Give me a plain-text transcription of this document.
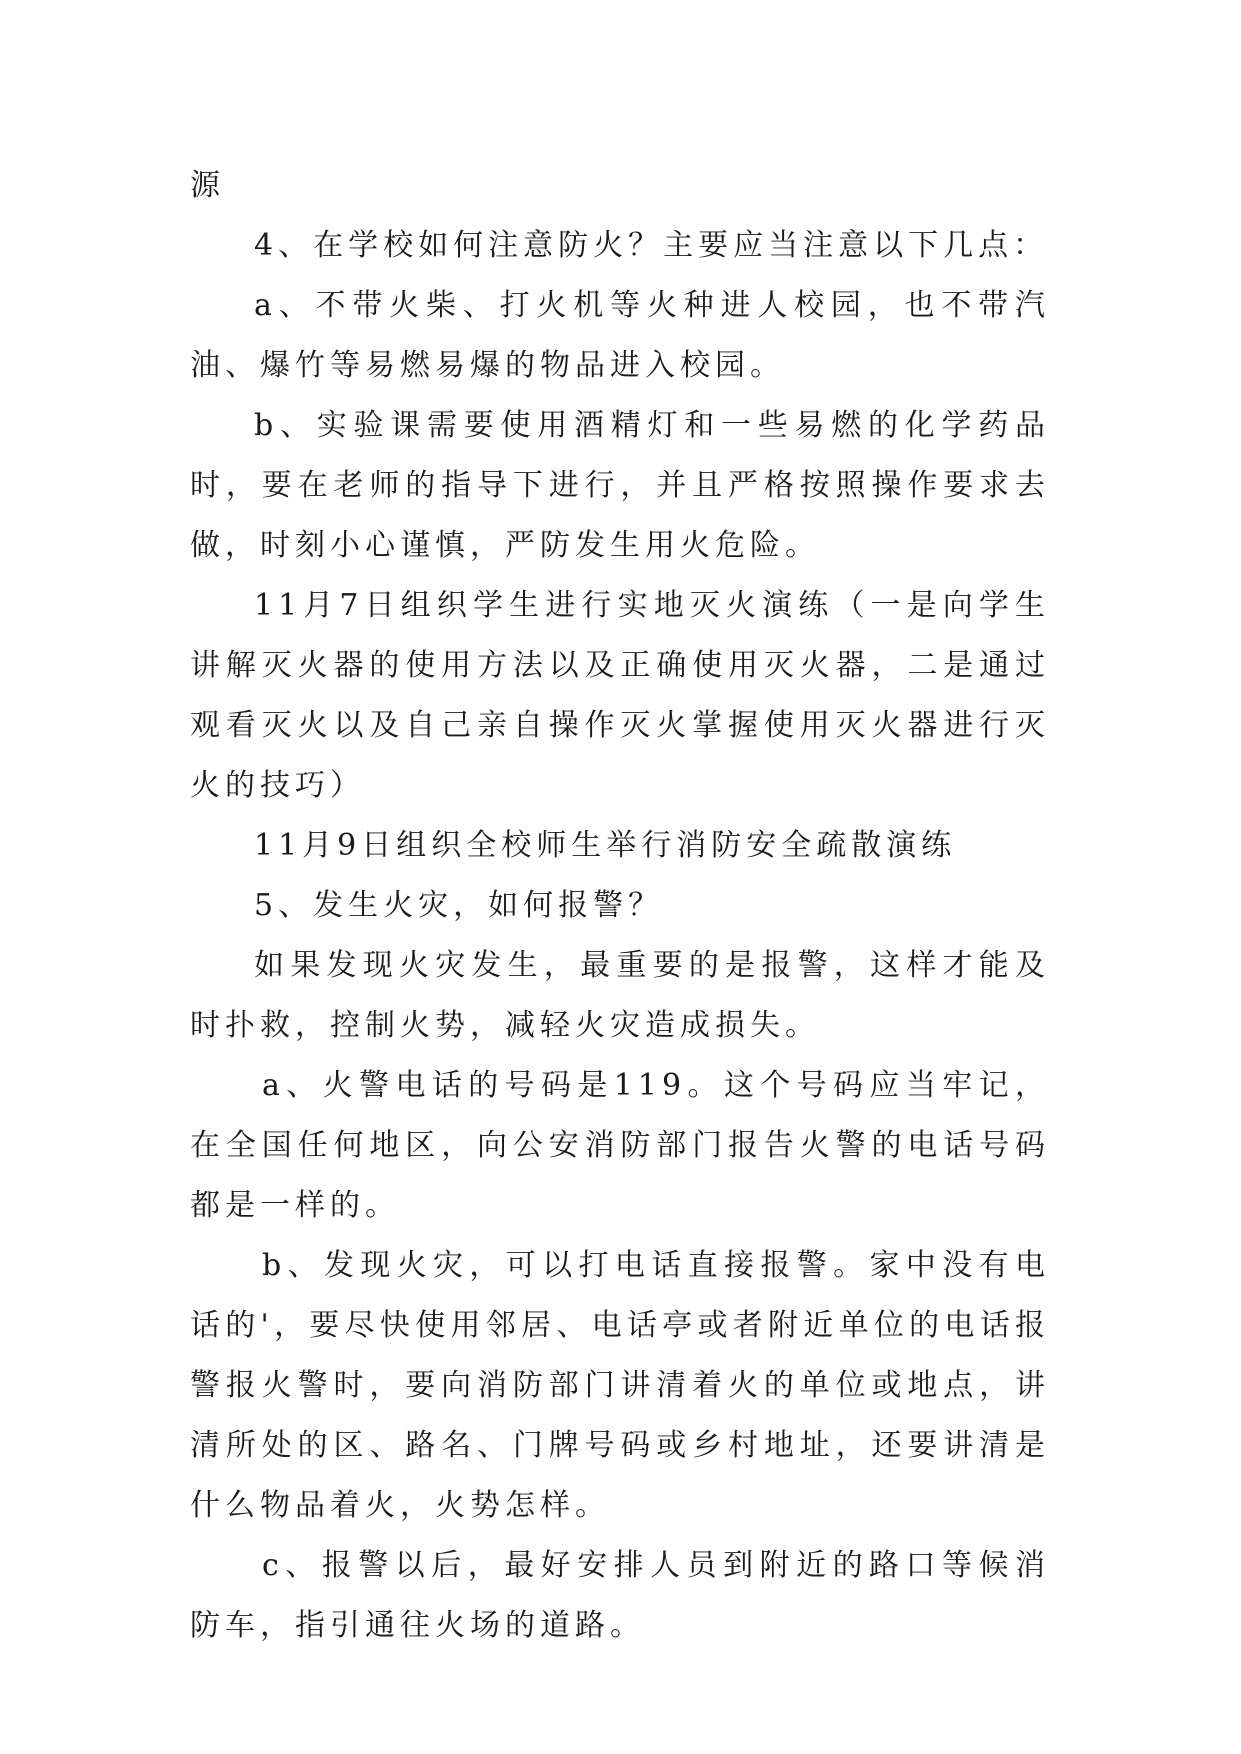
源

4、在学校如何注意防火？主要应当注意以下几点：

a、不带火柴、打火机等火种进人校园，也不带汽油、爆竹等易燃易爆的物品进入校园。

b、实验课需要使用酒精灯和一些易燃的化学药品时，要在老师的指导下进行，并且严格按照操作要求去做，时刻小心谨慎，严防发生用火危险。

11月7日组织学生进行实地灭火演练（一是向学生讲解灭火器的使用方法以及正确使用灭火器，二是通过观看灭火以及自己亲自操作灭火掌握使用灭火器进行灭火的技巧）

11月9日组织全校师生举行消防安全疏散演练

5、发生火灾，如何报警？

如果发现火灾发生，最重要的是报警，这样才能及时扑救，控制火势，减轻火灾造成损失。

a、火警电话的号码是119。这个号码应当牢记，在全国任何地区，向公安消防部门报告火警的电话号码都是一样的。

b、发现火灾，可以打电话直接报警。家中没有电话的'，要尽快使用邻居、电话亭或者附近单位的电话报警报火警时，要向消防部门讲清着火的单位或地点，讲清所处的区、路名、门牌号码或乡村地址，还要讲清是什么物品着火，火势怎样。

c、报警以后，最好安排人员到附近的路口等候消防车，指引通往火场的道路。
